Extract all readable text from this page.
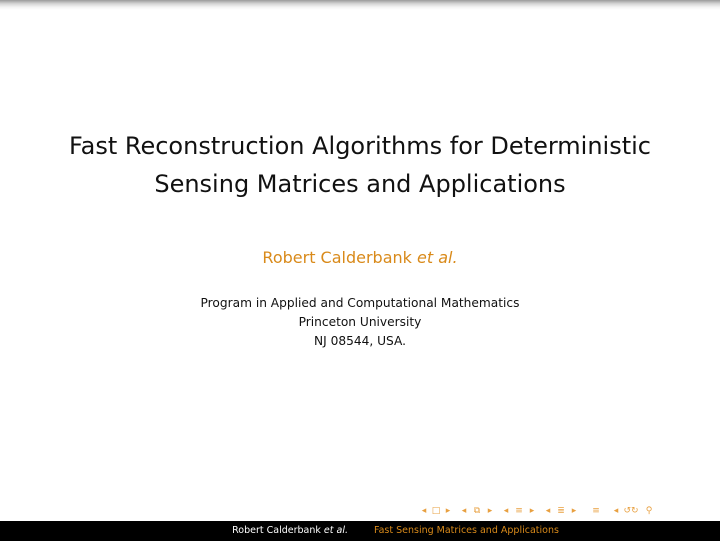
Fast Reconstruction Algorithms for Deterministic
Sensing Matrices and Applications
Robert Calderbank et al.
Program in Applied and Computational Mathematics
Princeton University
NJ 08544, USA.
◂ □ ▸ ◂ ⧉ ▸ ◂ ≡ ▸ ◂ ≣ ▸ ≡ ◂ ↺↻ ⚲
Robert Calderbank et al.	Fast Sensing Matrices and Applications
